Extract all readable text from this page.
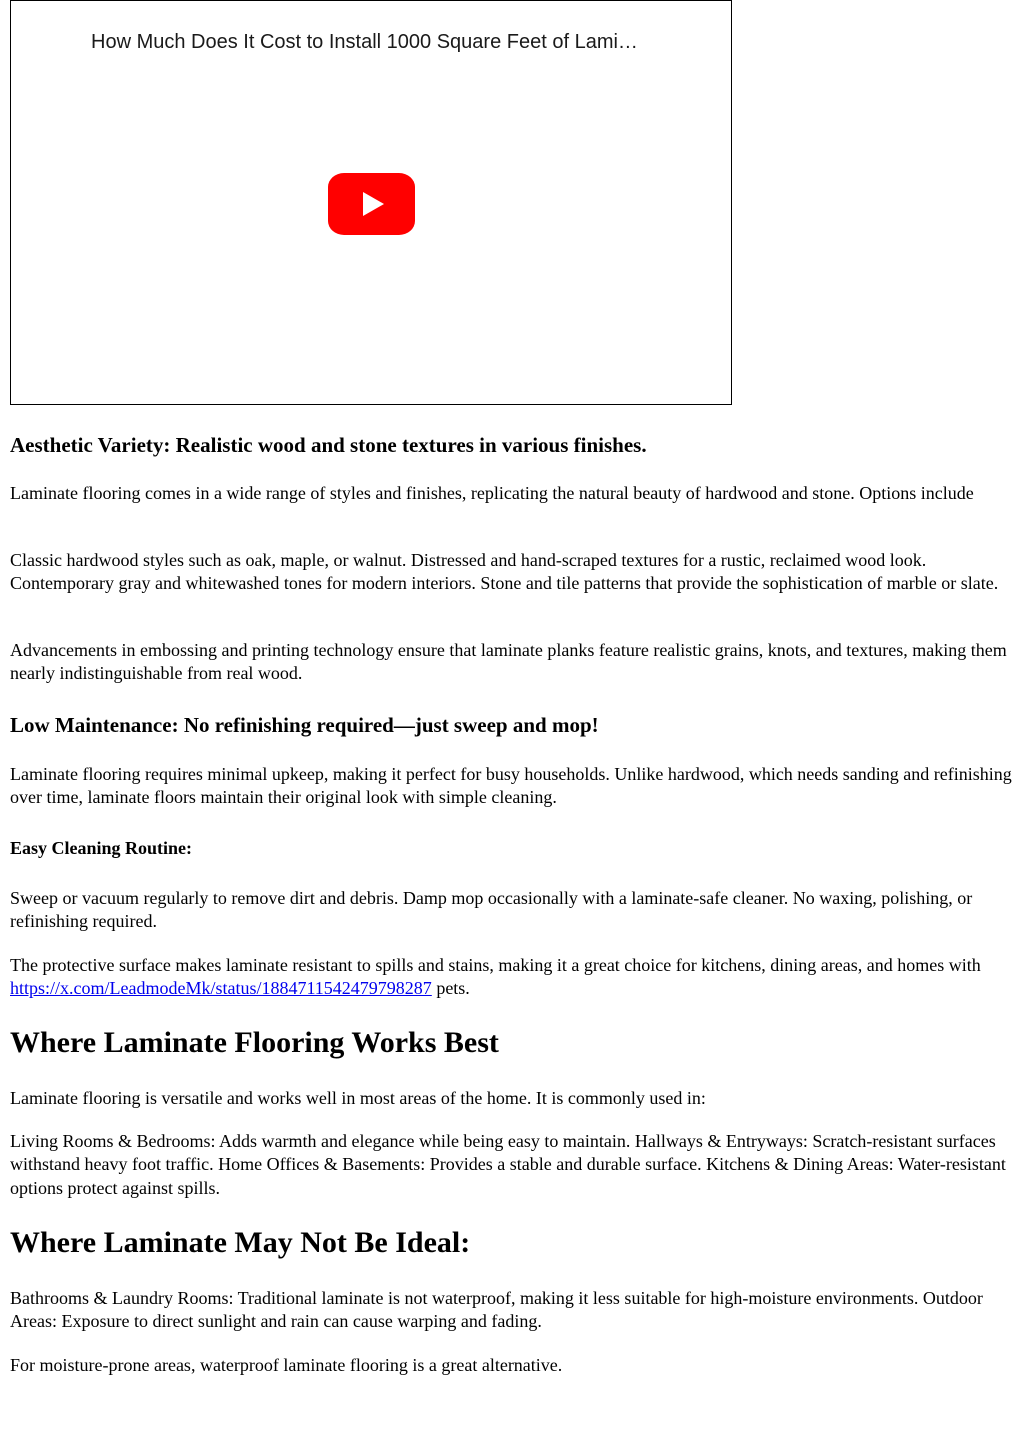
How Much Does It Cost to Install 1000 Square Feet of Lami…
Aesthetic Variety: Realistic wood and stone textures in various finishes.

Laminate flooring comes in a wide range of styles and finishes, replicating the natural beauty of hardwood and stone. Options include

Classic hardwood styles such as oak, maple, or walnut. Distressed and hand-scraped textures for a rustic, reclaimed wood look. Contemporary gray and whitewashed tones for modern interiors. Stone and tile patterns that provide the sophistication of marble or slate.

Advancements in embossing and printing technology ensure that laminate planks feature realistic grains, knots, and textures, making them nearly indistinguishable from real wood.

Low Maintenance: No refinishing required—just sweep and mop!

Laminate flooring requires minimal upkeep, making it perfect for busy households. Unlike hardwood, which needs sanding and refinishing over time, laminate floors maintain their original look with simple cleaning.

Easy Cleaning Routine:

Sweep or vacuum regularly to remove dirt and debris. Damp mop occasionally with a laminate-safe cleaner. No waxing, polishing, or refinishing required.

The protective surface makes laminate resistant to spills and stains, making it a great choice for kitchens, dining areas, and homes with https://x.com/LeadmodeMk/status/1884711542479798287 pets.

Where Laminate Flooring Works Best

Laminate flooring is versatile and works well in most areas of the home. It is commonly used in:

Living Rooms & Bedrooms: Adds warmth and elegance while being easy to maintain. Hallways & Entryways: Scratch-resistant surfaces withstand heavy foot traffic. Home Offices & Basements: Provides a stable and durable surface. Kitchens & Dining Areas: Water-resistant options protect against spills.

Where Laminate May Not Be Ideal:

Bathrooms & Laundry Rooms: Traditional laminate is not waterproof, making it less suitable for high-moisture environments. Outdoor Areas: Exposure to direct sunlight and rain can cause warping and fading.

For moisture-prone areas, waterproof laminate flooring is a great alternative.
